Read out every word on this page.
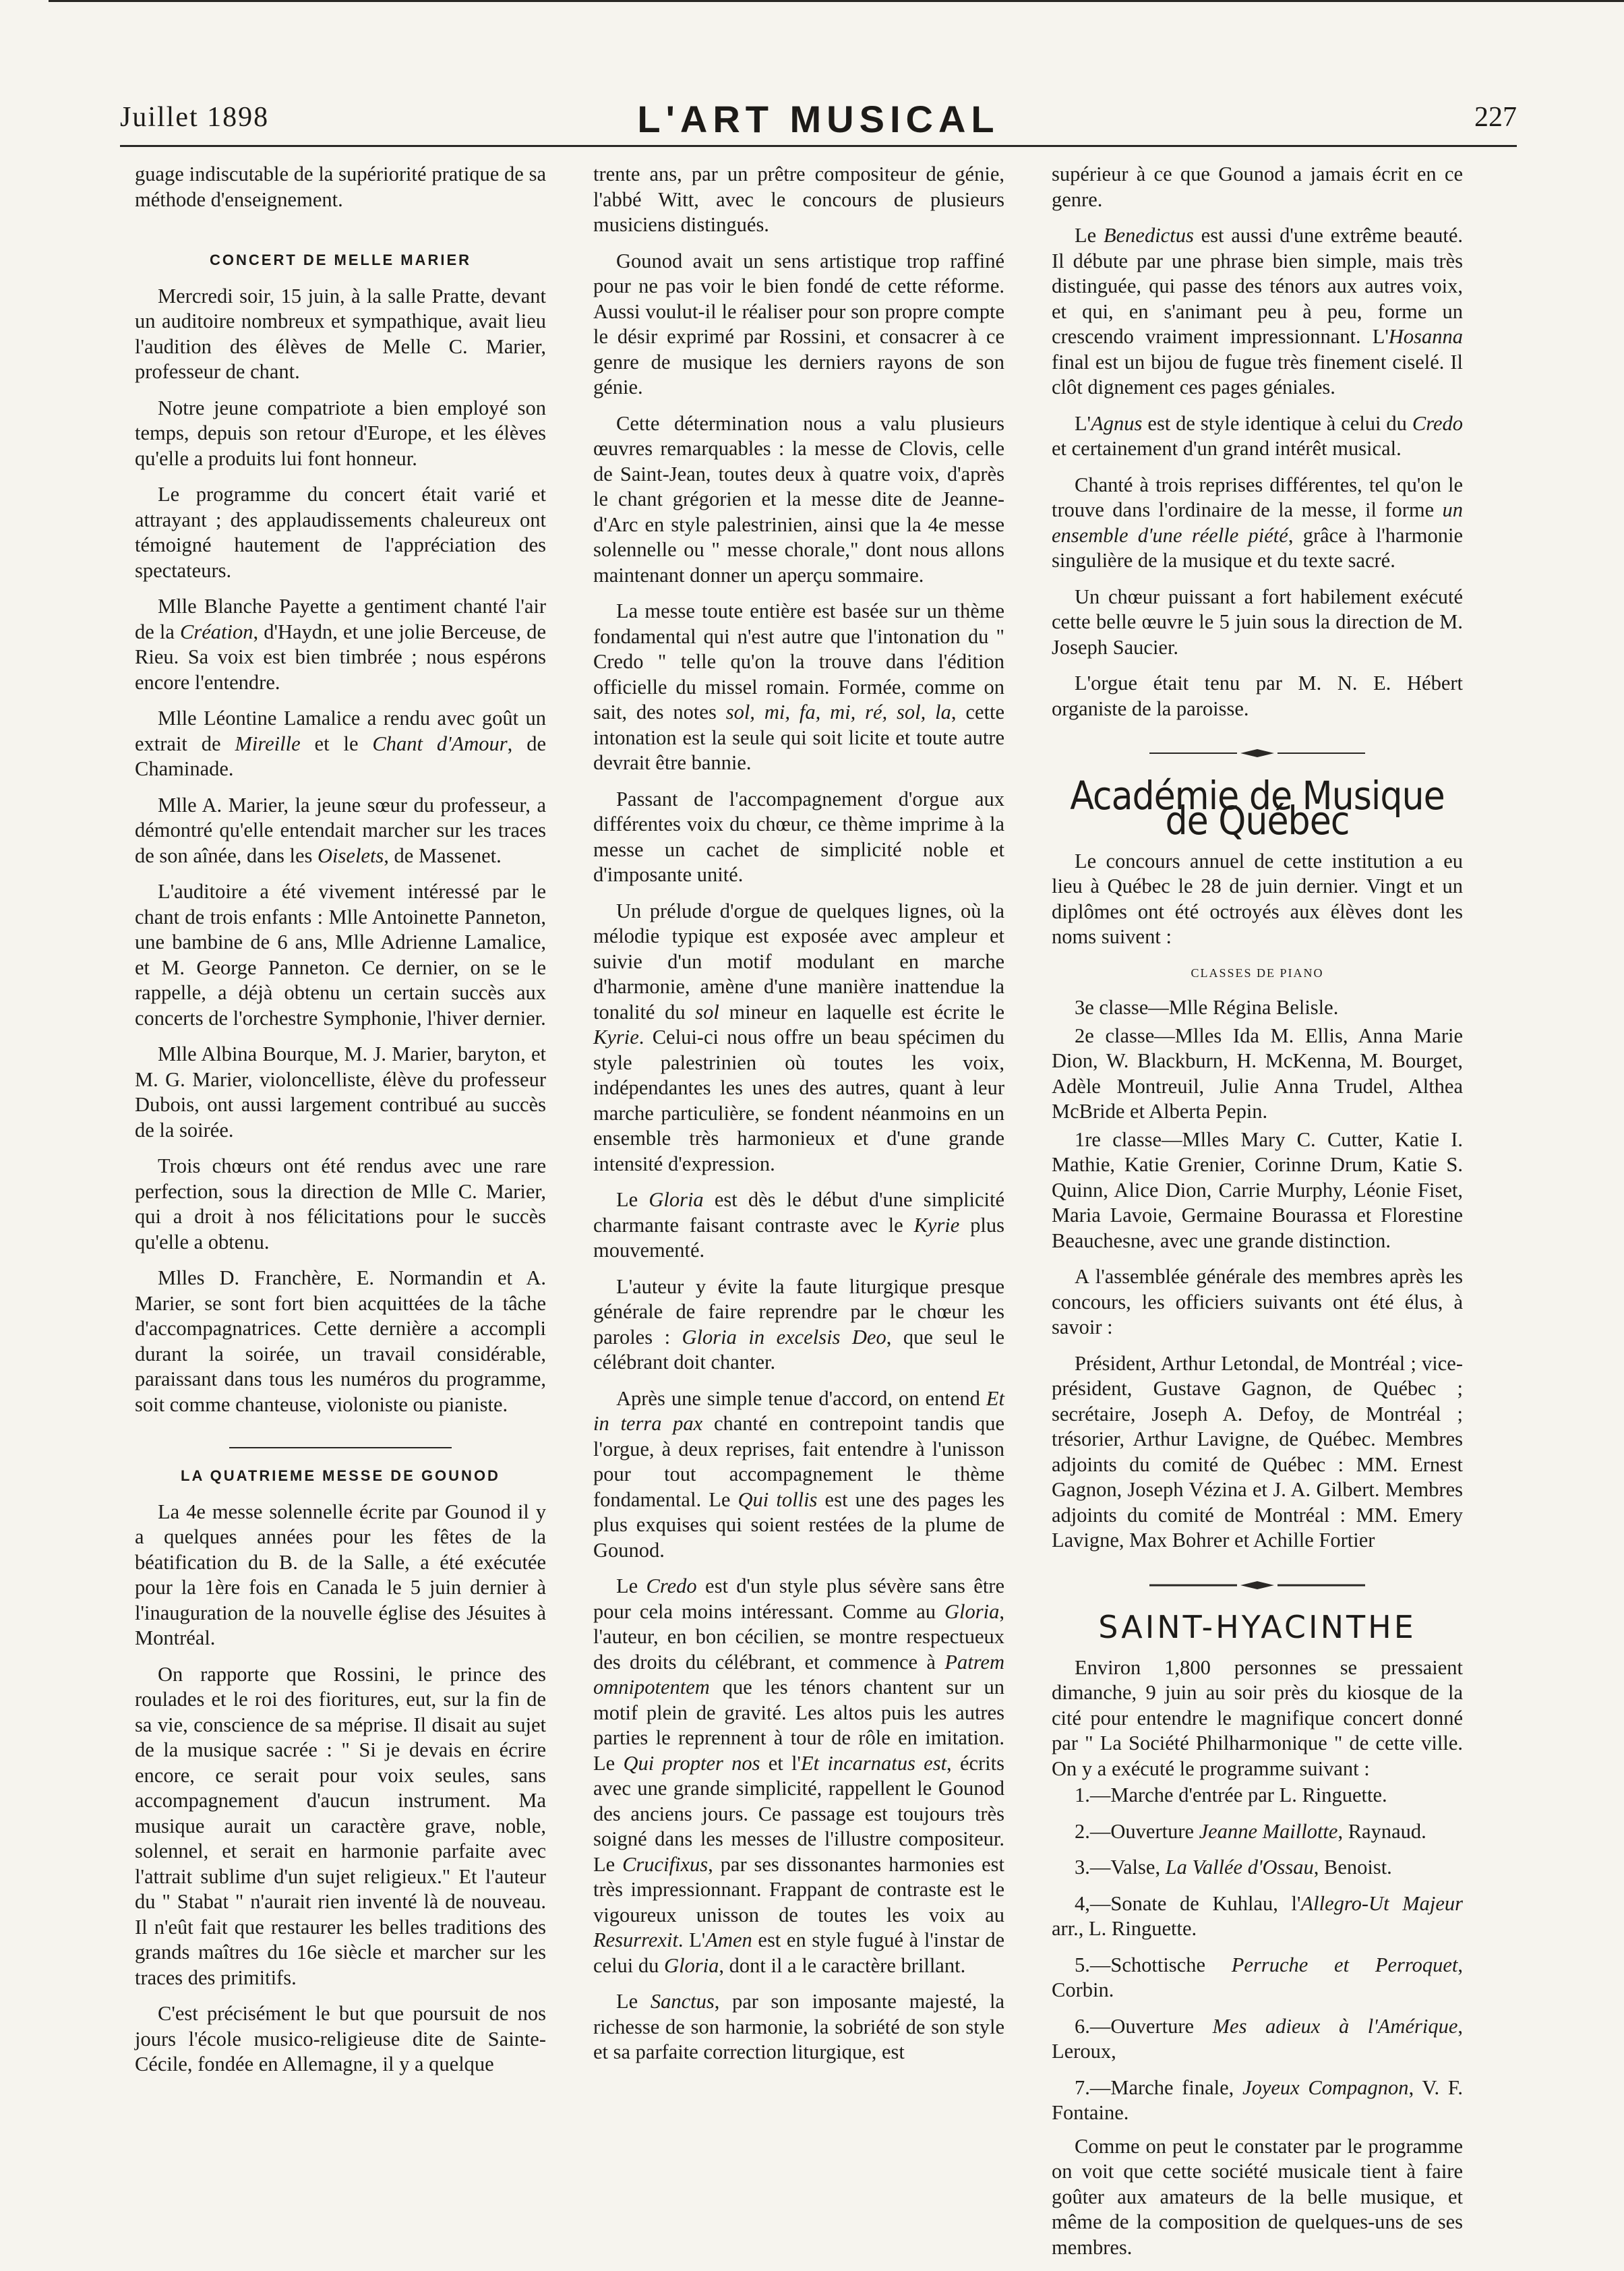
Juillet 1898	L'ART MUSICAL	227

guage indiscutable de la supériorité pratique de sa méthode d'enseignement.

CONCERT DE MELLE MARIER

Mercredi soir, 15 juin, à la salle Pratte, devant un auditoire nombreux et sympathique, avait lieu l'audition des élèves de Melle C. Marier, professeur de chant.

Notre jeune compatriote a bien employé son temps, depuis son retour d'Europe, et les élèves qu'elle a produits lui font honneur.

Le programme du concert était varié et attrayant ; des applaudissements chaleureux ont témoigné hautement de l'appréciation des spectateurs.

Mlle Blanche Payette a gentiment chanté l'air de la Création, d'Haydn, et une jolie Berceuse, de Rieu. Sa voix est bien timbrée ; nous espérons encore l'entendre.

Mlle Léontine Lamalice a rendu avec goût un extrait de Mireille et le Chant d'Amour, de Chaminade.

Mlle A. Marier, la jeune sœur du professeur, a démontré qu'elle entendait marcher sur les traces de son aînée, dans les Oiselets, de Massenet.

L'auditoire a été vivement intéressé par le chant de trois enfants : Mlle Antoinette Panneton, une bambine de 6 ans, Mlle Adrienne Lamalice, et M. George Panneton. Ce dernier, on se le rappelle, a déjà obtenu un certain succès aux concerts de l'orchestre Symphonie, l'hiver dernier.

Mlle Albina Bourque, M. J. Marier, baryton, et M. G. Marier, violoncelliste, élève du professeur Dubois, ont aussi largement contribué au succès de la soirée.

Trois chœurs ont été rendus avec une rare perfection, sous la direction de Mlle C. Marier, qui a droit à nos félicitations pour le succès qu'elle a obtenu.

Mlles D. Franchère, E. Normandin et A. Marier, se sont fort bien acquittées de la tâche d'accompagnatrices. Cette dernière a accompli durant la soirée, un travail considérable, paraissant dans tous les numéros du programme, soit comme chanteuse, violoniste ou pianiste.

LA QUATRIEME MESSE DE GOUNOD

La 4e messe solennelle écrite par Gounod il y a quelques années pour les fêtes de la béatification du B. de la Salle, a été exécutée pour la 1ère fois en Canada le 5 juin dernier à l'inauguration de la nouvelle église des Jésuites à Montréal.

On rapporte que Rossini, le prince des roulades et le roi des fioritures, eut, sur la fin de sa vie, conscience de sa méprise. Il disait au sujet de la musique sacrée : " Si je devais en écrire encore, ce serait pour voix seules, sans accompagnement d'aucun instrument. Ma musique aurait un caractère grave, noble, solennel, et serait en harmonie parfaite avec l'attrait sublime d'un sujet religieux." Et l'auteur du " Stabat " n'aurait rien inventé là de nouveau. Il n'eût fait que restaurer les belles traditions des grands maîtres du 16e siècle et marcher sur les traces des primitifs.

C'est précisément le but que poursuit de nos jours l'école musico-religieuse dite de Sainte-Cécile, fondée en Allemagne, il y a quelque

trente ans, par un prêtre compositeur de génie, l'abbé Witt, avec le concours de plusieurs musiciens distingués.

Gounod avait un sens artistique trop raffiné pour ne pas voir le bien fondé de cette réforme. Aussi voulut-il le réaliser pour son propre compte le désir exprimé par Rossini, et consacrer à ce genre de musique les derniers rayons de son génie.

Cette détermination nous a valu plusieurs œuvres remarquables : la messe de Clovis, celle de Saint-Jean, toutes deux à quatre voix, d'après le chant grégorien et la messe dite de Jeanne-d'Arc en style palestrinien, ainsi que la 4e messe solennelle ou " messe chorale," dont nous allons maintenant donner un aperçu sommaire.

La messe toute entière est basée sur un thème fondamental qui n'est autre que l'intonation du " Credo " telle qu'on la trouve dans l'édition officielle du missel romain. Formée, comme on sait, des notes sol, mi, fa, mi, ré, sol, la, cette intonation est la seule qui soit licite et toute autre devrait être bannie.

Passant de l'accompagnement d'orgue aux différentes voix du chœur, ce thème imprime à la messe un cachet de simplicité noble et d'imposante unité.

Un prélude d'orgue de quelques lignes, où la mélodie typique est exposée avec ampleur et suivie d'un motif modulant en marche d'harmonie, amène d'une manière inattendue la tonalité du sol mineur en laquelle est écrite le Kyrie. Celui-ci nous offre un beau spécimen du style palestrinien où toutes les voix, indépendantes les unes des autres, quant à leur marche particulière, se fondent néanmoins en un ensemble très harmonieux et d'une grande intensité d'expression.

Le Gloria est dès le début d'une simplicité charmante faisant contraste avec le Kyrie plus mouvementé.

L'auteur y évite la faute liturgique presque générale de faire reprendre par le chœur les paroles : Gloria in excelsis Deo, que seul le célébrant doit chanter.

Après une simple tenue d'accord, on entend Et in terra pax chanté en contrepoint tandis que l'orgue, à deux reprises, fait entendre à l'unisson pour tout accompagnement le thème fondamental. Le Qui tollis est une des pages les plus exquises qui soient restées de la plume de Gounod.

Le Credo est d'un style plus sévère sans être pour cela moins intéressant. Comme au Gloria, l'auteur, en bon cécilien, se montre respectueux des droits du célébrant, et commence à Patrem omnipotentem que les ténors chantent sur un motif plein de gravité. Les altos puis les autres parties le reprennent à tour de rôle en imitation. Le Qui propter nos et l'Et incarnatus est, écrits avec une grande simplicité, rappellent le Gounod des anciens jours. Ce passage est toujours très soigné dans les messes de l'illustre compositeur. Le Crucifixus, par ses dissonantes harmonies est très impressionnant. Frappant de contraste est le vigoureux unisson de toutes les voix au Resurrexit. L'Amen est en style fugué à l'instar de celui du Gloria, dont il a le caractère brillant.

Le Sanctus, par son imposante majesté, la richesse de son harmonie, la sobriété de son style et sa parfaite correction liturgique, est

supérieur à ce que Gounod a jamais écrit en ce genre.

Le Benedictus est aussi d'une extrême beauté. Il débute par une phrase bien simple, mais très distinguée, qui passe des ténors aux autres voix, et qui, en s'animant peu à peu, forme un crescendo vraiment impressionnant. L'Hosanna final est un bijou de fugue très finement ciselé. Il clôt dignement ces pages géniales.

L'Agnus est de style identique à celui du Credo et certainement d'un grand intérêt musical.

Chanté à trois reprises différentes, tel qu'on le trouve dans l'ordinaire de la messe, il forme un ensemble d'une réelle piété, grâce à l'harmonie singulière de la musique et du texte sacré.

Un chœur puissant a fort habilement exécuté cette belle œuvre le 5 juin sous la direction de M. Joseph Saucier.

L'orgue était tenu par M. N. E. Hébert organiste de la paroisse.

Académie de Musique de Québec

Le concours annuel de cette institution a eu lieu à Québec le 28 de juin dernier. Vingt et un diplômes ont été octroyés aux élèves dont les noms suivent :

CLASSES DE PIANO

3e classe—Mlle Régina Belisle.

2e classe—Mlles Ida M. Ellis, Anna Marie Dion, W. Blackburn, H. McKenna, M. Bourget, Adèle Montreuil, Julie Anna Trudel, Althea McBride et Alberta Pepin.

1re classe—Mlles Mary C. Cutter, Katie I. Mathie, Katie Grenier, Corinne Drum, Katie S. Quinn, Alice Dion, Carrie Murphy, Léonie Fiset, Maria Lavoie, Germaine Bourassa et Florestine Beauchesne, avec une grande distinction.

A l'assemblée générale des membres après les concours, les officiers suivants ont été élus, à savoir :

Président, Arthur Letondal, de Montréal ; vice-président, Gustave Gagnon, de Québec ; secrétaire, Joseph A. Defoy, de Montréal ; trésorier, Arthur Lavigne, de Québec. Membres adjoints du comité de Québec : MM. Ernest Gagnon, Joseph Vézina et J. A. Gilbert. Membres adjoints du comité de Montréal : MM. Emery Lavigne, Max Bohrer et Achille Fortier

SAINT-HYACINTHE

Environ 1,800 personnes se pressaient dimanche, 9 juin au soir près du kiosque de la cité pour entendre le magnifique concert donné par " La Société Philharmonique " de cette ville. On y a exécuté le programme suivant :

1.—Marche d'entrée par L. Ringuette.

2.—Ouverture Jeanne Maillotte, Raynaud.

3.—Valse, La Vallée d'Ossau, Benoist.

4,—Sonate de Kuhlau, l'Allegro-Ut Majeur arr., L. Ringuette.

5.—Schottische Perruche et Perroquet, Corbin.

6.—Ouverture Mes adieux à l'Amérique, Leroux,

7.—Marche finale, Joyeux Compagnon, V. F. Fontaine.

Comme on peut le constater par le programme on voit que cette société musicale tient à faire goûter aux amateurs de la belle musique, et même de la composition de quelques-uns de ses membres.
